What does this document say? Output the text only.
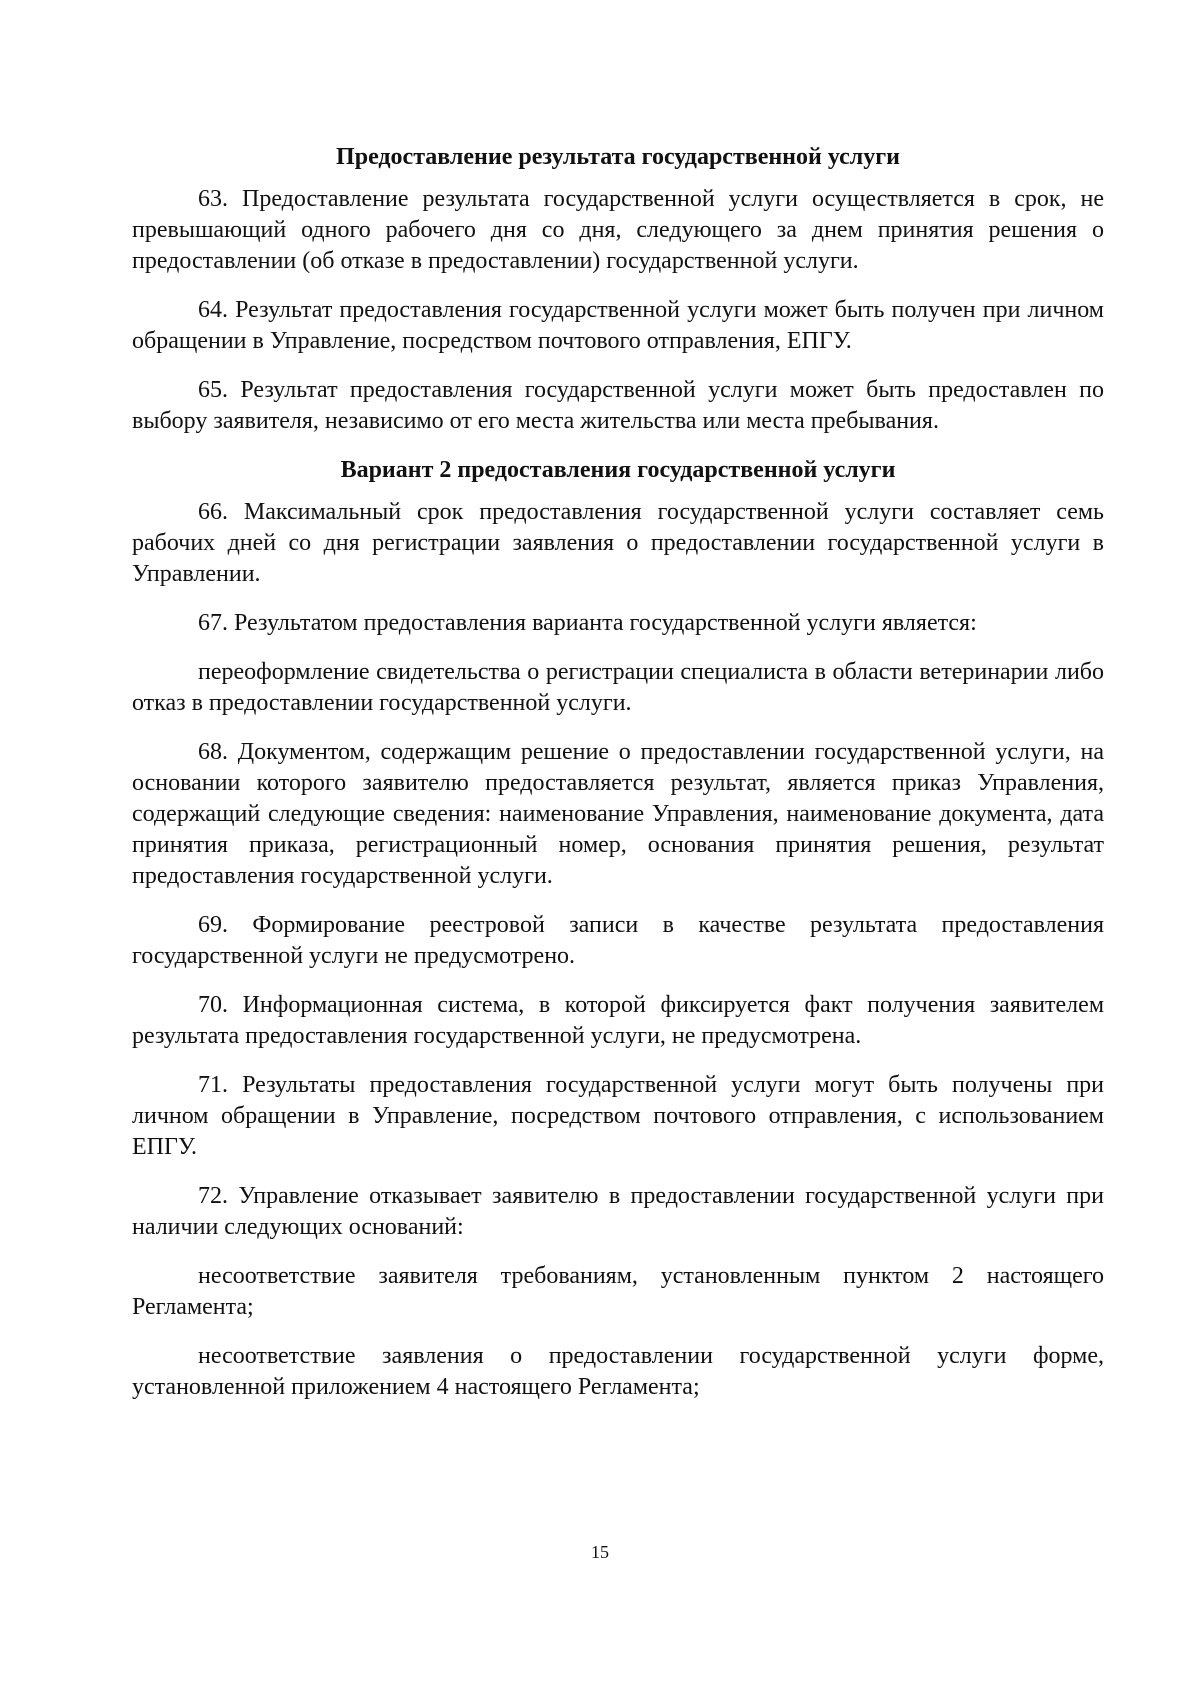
Предоставление результата государственной услуги

63. Предоставление результата государственной услуги осуществляется в срок, не превышающий одного рабочего дня со дня, следующего за днем принятия решения о предоставлении (об отказе в предоставлении) государственной услуги.

64. Результат предоставления государственной услуги может быть получен при личном обращении в Управление, посредством почтового отправления, ЕПГУ.

65. Результат предоставления государственной услуги может быть предоставлен по выбору заявителя, независимо от его места жительства или места пребывания.

Вариант 2 предоставления государственной услуги

66. Максимальный срок предоставления государственной услуги составляет семь рабочих дней со дня регистрации заявления о предоставлении государственной услуги в Управлении.

67. Результатом предоставления варианта государственной услуги является:

переоформление свидетельства о регистрации специалиста в области ветеринарии либо отказ в предоставлении государственной услуги.

68. Документом, содержащим решение о предоставлении государственной услуги, на основании которого заявителю предоставляется результат, является приказ Управления, содержащий следующие сведения: наименование Управления, наименование документа, дата принятия приказа, регистрационный номер, основания принятия решения, результат предоставления государственной услуги.

69. Формирование реестровой записи в качестве результата предоставления государственной услуги не предусмотрено.

70. Информационная система, в которой фиксируется факт получения заявителем результата предоставления государственной услуги, не предусмотрена.

71. Результаты предоставления государственной услуги могут быть получены при личном обращении в Управление, посредством почтового отправления, с использованием ЕПГУ.

72. Управление отказывает заявителю в предоставлении государственной услуги при наличии следующих оснований:

несоответствие заявителя требованиям, установленным пунктом 2 настоящего Регламента;

несоответствие заявления о предоставлении государственной услуги форме, установленной приложением 4 настоящего Регламента;

15
